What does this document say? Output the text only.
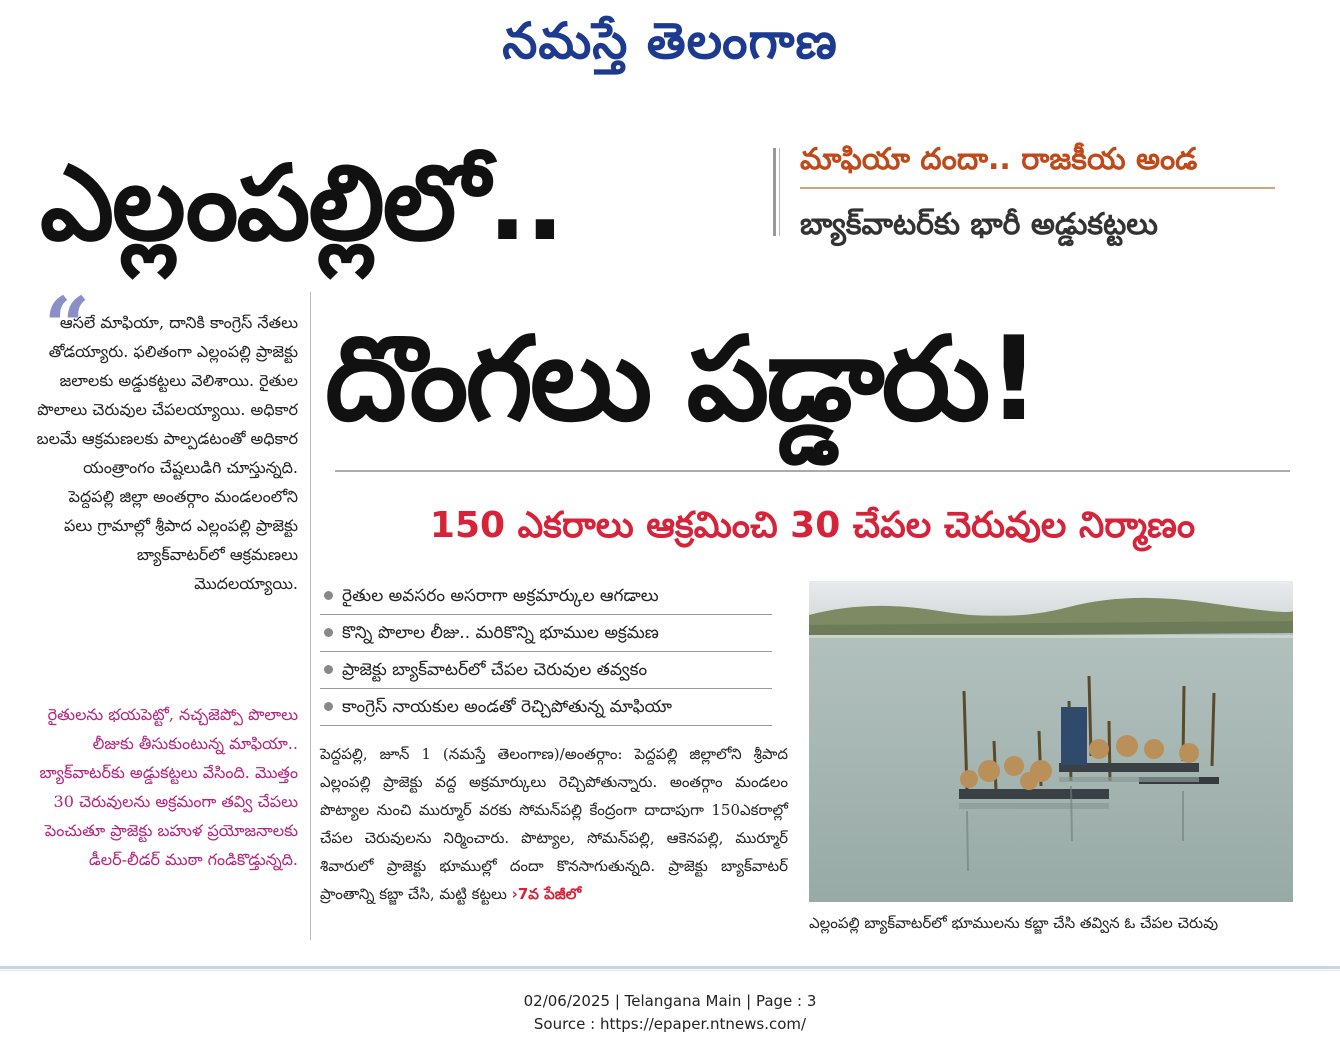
నమస్తే తెలంగాణ
ఎల్లంపల్లిలో..	మాఫియా దందా.. రాజకీయ అండ
బ్యాక్‌వాటర్‌కు భారీ అడ్డుకట్టలు
“
ఆసలే మాఫియా, దానికి కాంగ్రెస్ నేతలు తోడయ్యారు. ఫలితంగా ఎల్లంపల్లి ప్రాజెక్టు జలాలకు అడ్డుకట్టలు వెలిశాయి. రైతుల పొలాలు చెరువుల చేపలయ్యాయి. అధికార బలమే ఆక్రమణలకు పాల్పడటంతో అధికార యంత్రాంగం చేష్టలుడిగి చూస్తున్నది. పెద్దపల్లి జిల్లా అంతర్గాం మండలంలోని పలు గ్రామాల్లో శ్రీపాద ఎల్లంపల్లి ప్రాజెక్టు బ్యాక్‌వాటర్‌లో ఆక్రమణలు మొదలయ్యాయి.
రైతులను భయపెట్టో, నచ్చజెప్పో పొలాలు లీజుకు తీసుకుంటున్న మాఫియా.. బ్యాక్‌వాటర్‌కు అడ్డుకట్టలు వేసింది. మొత్తం 30 చెరువులను అక్రమంగా తవ్వి చేపలు పెంచుతూ ప్రాజెక్టు బహుళ ప్రయోజనాలకు డీలర్-లీడర్ ముఠా గండికొడ్తున్నది.
దొంగలు పడ్డారు!
150 ఎకరాలు ఆక్రమించి 30 చేపల చెరువుల నిర్మాణం
రైతుల అవసరం అసరాగా అక్రమార్కుల ఆగడాలు
కొన్ని పొలాల లీజు.. మరికొన్ని భూముల అక్రమణ
ప్రాజెక్టు బ్యాక్‌వాటర్‌లో చేపల చెరువుల తవ్వకం
కాంగ్రెస్ నాయకుల అండతో రెచ్చిపోతున్న మాఫియా
పెద్దపల్లి, జూన్ 1 (నమస్తే తెలంగాణ)/అంతర్గాం: పెద్దపల్లి జిల్లాలోని శ్రీపాద ఎల్లంపల్లి ప్రాజెక్టు వద్ద అక్రమార్కులు రెచ్చిపోతున్నారు. అంతర్గాం మండలం పొట్యాల నుంచి ముర్మూర్ వరకు సోమన్‌పల్లి కేంద్రంగా దాదాపుగా 150ఎకరాల్లో చేపల చెరువులను నిర్మించారు. పొట్యాల, సోమన్‌పల్లి, ఆకెనపల్లి, ముర్మూర్ శివారులో ప్రాజెక్టు భూముల్లో దందా కొనసాగుతున్నది. ప్రాజెక్టు బ్యాక్‌వాటర్ ప్రాంతాన్ని కబ్జా చేసి, మట్టి కట్టలు ›7వ పేజీలో
ఎల్లంపల్లి బ్యాక్‌వాటర్‌లో భూములను కబ్జా చేసి తవ్విన ఓ చేపల చెరువు
02/06/2025 | Telangana Main | Page : 3
Source : https://epaper.ntnews.com/
